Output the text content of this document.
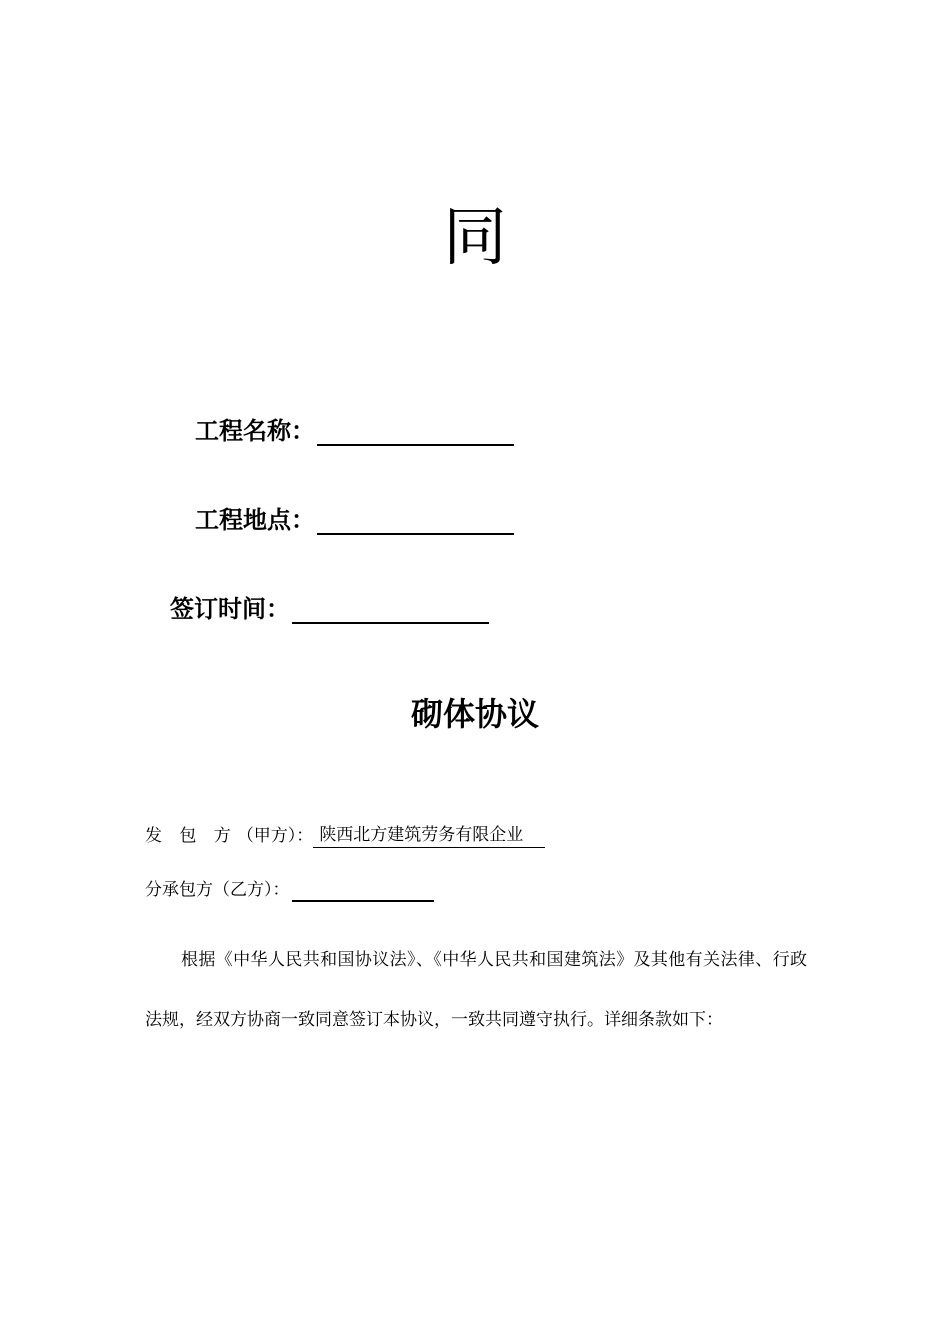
同
工程名称：
工程地点：
签订时间：
砌体协议
发 包 方（甲方）： 陕西北方建筑劳务有限企业
分承包方（乙方）：

根据《中华人民共和国协议法》、《中华人民共和国建筑法》及其他有关法律、行政法规，经双方协商一致同意签订本协议，一致共同遵守执行。详细条款如下：
